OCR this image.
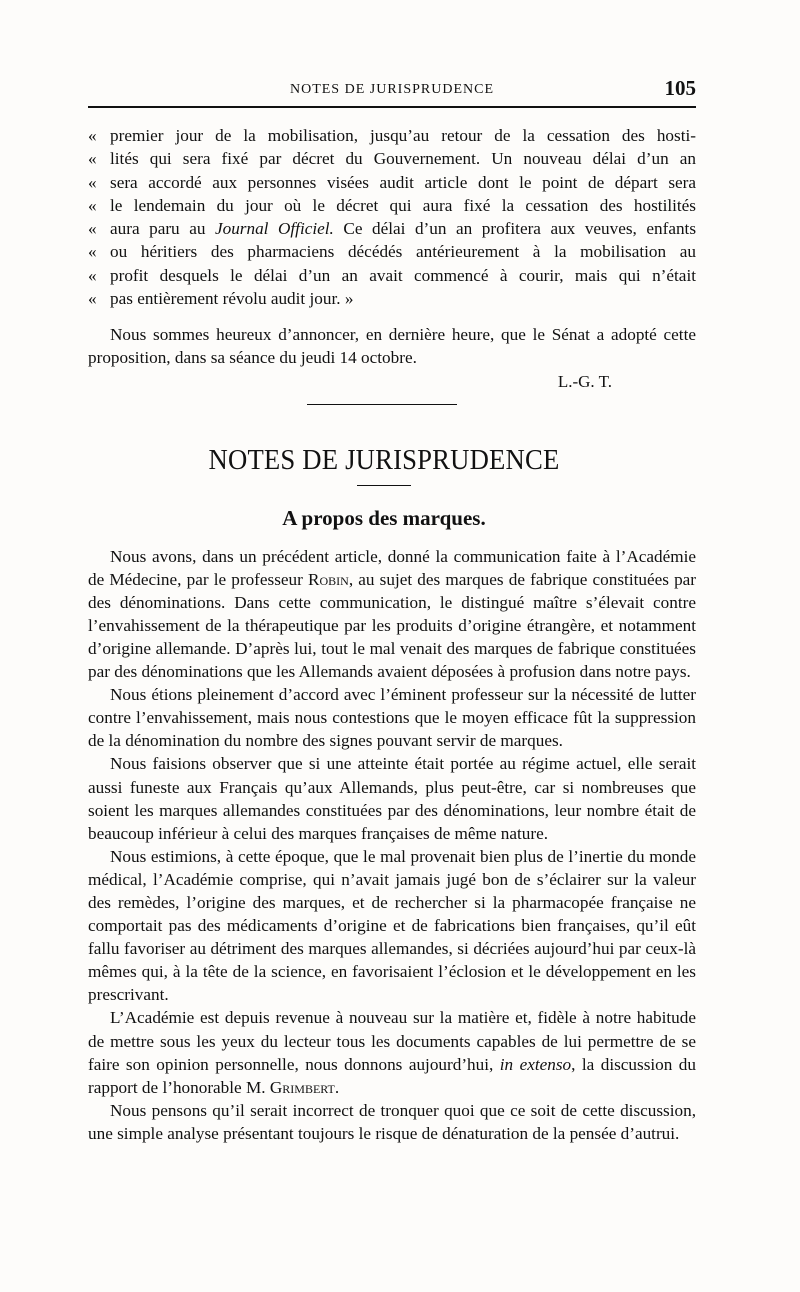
NOTES DE JURISPRUDENCE	105
« premier jour de la mobilisation, jusqu’au retour de la cessation des hosti-
« lités qui sera fixé par décret du Gouvernement. Un nouveau délai d’un an
« sera accordé aux personnes visées audit article dont le point de départ sera
« le lendemain du jour où le décret qui aura fixé la cessation des hostilités
« aura paru au Journal Officiel. Ce délai d’un an profitera aux veuves, enfants
« ou héritiers des pharmaciens décédés antérieurement à la mobilisation au
« profit desquels le délai d’un an avait commencé à courir, mais qui n’était
« pas entièrement révolu audit jour. »

Nous sommes heureux d’annoncer, en dernière heure, que le Sénat a adopté cette proposition, dans sa séance du jeudi 14 octobre.

L.-G. T.
NOTES DE JURISPRUDENCE
A propos des marques.

Nous avons, dans un précédent article, donné la communication faite à l’Académie de Médecine, par le professeur Robin, au sujet des marques de fabrique constituées par des dénominations. Dans cette communication, le distingué maître s’élevait contre l’envahissement de la thérapeutique par les produits d’origine étrangère, et notamment d’origine allemande. D’après lui, tout le mal venait des marques de fabrique constituées par des dénominations que les Allemands avaient déposées à profusion dans notre pays.

Nous étions pleinement d’accord avec l’éminent professeur sur la nécessité de lutter contre l’envahissement, mais nous contestions que le moyen efficace fût la suppression de la dénomination du nombre des signes pouvant servir de marques.

Nous faisions observer que si une atteinte était portée au régime actuel, elle serait aussi funeste aux Français qu’aux Allemands, plus peut-être, car si nombreuses que soient les marques allemandes constituées par des dénominations, leur nombre était de beaucoup inférieur à celui des marques françaises de même nature.

Nous estimions, à cette époque, que le mal provenait bien plus de l’inertie du monde médical, l’Académie comprise, qui n’avait jamais jugé bon de s’éclairer sur la valeur des remèdes, l’origine des marques, et de rechercher si la pharmacopée française ne comportait pas des médicaments d’origine et de fabrications bien françaises, qu’il eût fallu favoriser au détriment des marques allemandes, si décriées aujourd’hui par ceux-là mêmes qui, à la tête de la science, en favorisaient l’éclosion et le développement en les prescrivant.

L’Académie est depuis revenue à nouveau sur la matière et, fidèle à notre habitude de mettre sous les yeux du lecteur tous les documents capables de lui permettre de se faire son opinion personnelle, nous donnons aujourd’hui, in extenso, la discussion du rapport de l’honorable M. Grimbert.

Nous pensons qu’il serait incorrect de tronquer quoi que ce soit de cette discussion, une simple analyse présentant toujours le risque de dénaturation de la pensée d’autrui.
